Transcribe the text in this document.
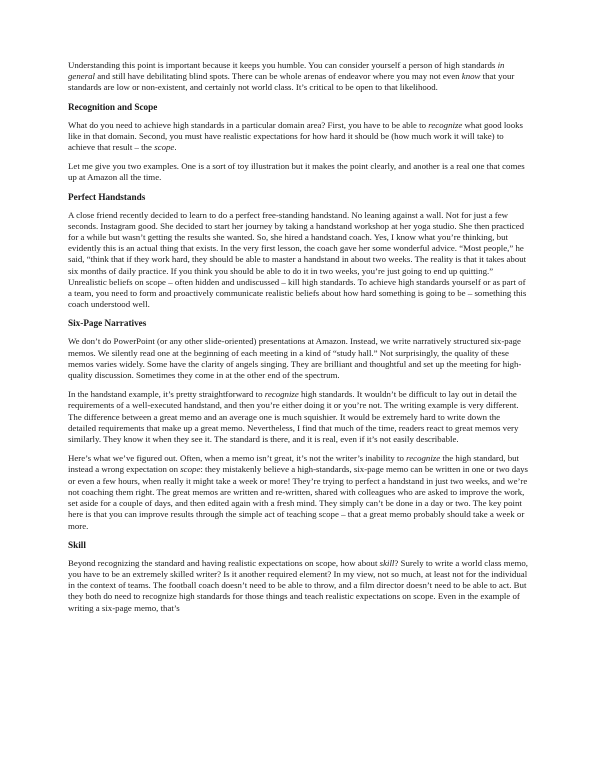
Understanding this point is important because it keeps you humble. You can consider yourself a person of high standards in general and still have debilitating blind spots. There can be whole arenas of endeavor where you may not even know that your standards are low or non-existent, and certainly not world class. It’s critical to be open to that likelihood.

Recognition and Scope

What do you need to achieve high standards in a particular domain area? First, you have to be able to recognize what good looks like in that domain. Second, you must have realistic expectations for how hard it should be (how much work it will take) to achieve that result – the scope.

Let me give you two examples. One is a sort of toy illustration but it makes the point clearly, and another is a real one that comes up at Amazon all the time.

Perfect Handstands

A close friend recently decided to learn to do a perfect free-standing handstand. No leaning against a wall. Not for just a few seconds. Instagram good. She decided to start her journey by taking a handstand workshop at her yoga studio. She then practiced for a while but wasn’t getting the results she wanted. So, she hired a handstand coach. Yes, I know what you’re thinking, but evidently this is an actual thing that exists. In the very first lesson, the coach gave her some wonderful advice. “Most people,” he said, “think that if they work hard, they should be able to master a handstand in about two weeks. The reality is that it takes about six months of daily practice. If you think you should be able to do it in two weeks, you’re just going to end up quitting.” Unrealistic beliefs on scope – often hidden and undiscussed – kill high standards. To achieve high standards yourself or as part of a team, you need to form and proactively communicate realistic beliefs about how hard something is going to be – something this coach understood well.

Six-Page Narratives

We don’t do PowerPoint (or any other slide-oriented) presentations at Amazon. Instead, we write narratively structured six-page memos. We silently read one at the beginning of each meeting in a kind of “study hall.” Not surprisingly, the quality of these memos varies widely. Some have the clarity of angels singing. They are brilliant and thoughtful and set up the meeting for high-quality discussion. Sometimes they come in at the other end of the spectrum.

In the handstand example, it’s pretty straightforward to recognize high standards. It wouldn’t be difficult to lay out in detail the requirements of a well-executed handstand, and then you’re either doing it or you’re not. The writing example is very different. The difference between a great memo and an average one is much squishier. It would be extremely hard to write down the detailed requirements that make up a great memo. Nevertheless, I find that much of the time, readers react to great memos very similarly. They know it when they see it. The standard is there, and it is real, even if it’s not easily describable.

Here’s what we’ve figured out. Often, when a memo isn’t great, it’s not the writer’s inability to recognize the high standard, but instead a wrong expectation on scope: they mistakenly believe a high-standards, six-page memo can be written in one or two days or even a few hours, when really it might take a week or more! They’re trying to perfect a handstand in just two weeks, and we’re not coaching them right. The great memos are written and re-written, shared with colleagues who are asked to improve the work, set aside for a couple of days, and then edited again with a fresh mind. They simply can’t be done in a day or two. The key point here is that you can improve results through the simple act of teaching scope – that a great memo probably should take a week or more.

Skill

Beyond recognizing the standard and having realistic expectations on scope, how about skill? Surely to write a world class memo, you have to be an extremely skilled writer? Is it another required element? In my view, not so much, at least not for the individual in the context of teams. The football coach doesn’t need to be able to throw, and a film director doesn’t need to be able to act. But they both do need to recognize high standards for those things and teach realistic expectations on scope. Even in the example of writing a six-page memo, that’s
